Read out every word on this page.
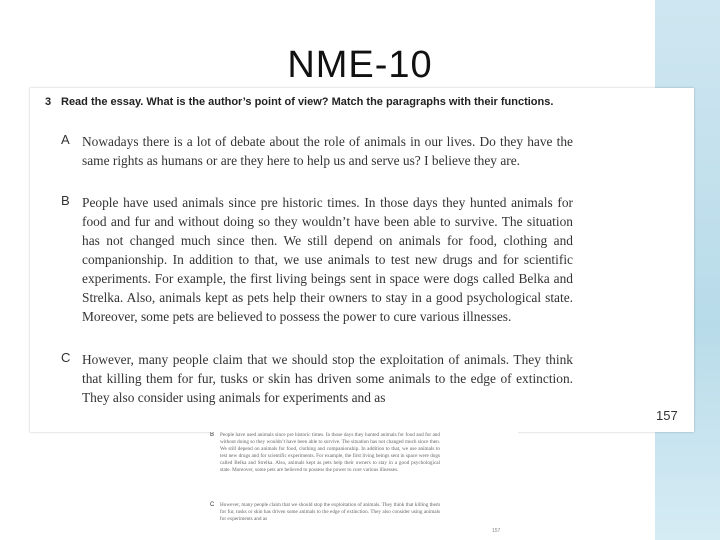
NME-10
3 Read the essay. What is the author’s point of view? Match the paragraphs with their functions.
A Nowadays there is a lot of debate about the role of animals in our lives. Do they have the same rights as humans or are they here to help us and serve us? I believe they are.
B People have used animals since pre historic times. In those days they hunted animals for food and fur and without doing so they wouldn’t have been able to survive. The situation has not changed much since then. We still depend on animals for food, clothing and companionship. In addition to that, we use animals to test new drugs and for scientific experiments. For example, the first living beings sent in space were dogs called Belka and Strelka. Also, animals kept as pets help their owners to stay in a good psychological state. Moreover, some pets are believed to possess the power to cure various illnesses.
C However, many people claim that we should stop the exploitation of animals. They think that killing them for fur, tusks or skin has driven some animals to the edge of extinction. They also consider using animals for experiments and as
157
B People have used animals since pre historic times. In those days they hunted animals for food and fur and without doing so they wouldn’t have been able to survive. The situation has not changed much since then. We still depend on animals for food, clothing and companionship. In addition to that, we use animals to test new drugs and for scientific experiments. For example, the first living beings sent in space were dogs called Belka and Strelka. Also, animals kept as pets help their owners to stay in a good psychological state. Moreover, some pets are believed to possess the power to cure various illnesses.
C However, many people claim that we should stop the exploitation of animals. They think that killing them for fur, tusks or skin has driven some animals to the edge of extinction. They also consider using animals for experiments and as
157
